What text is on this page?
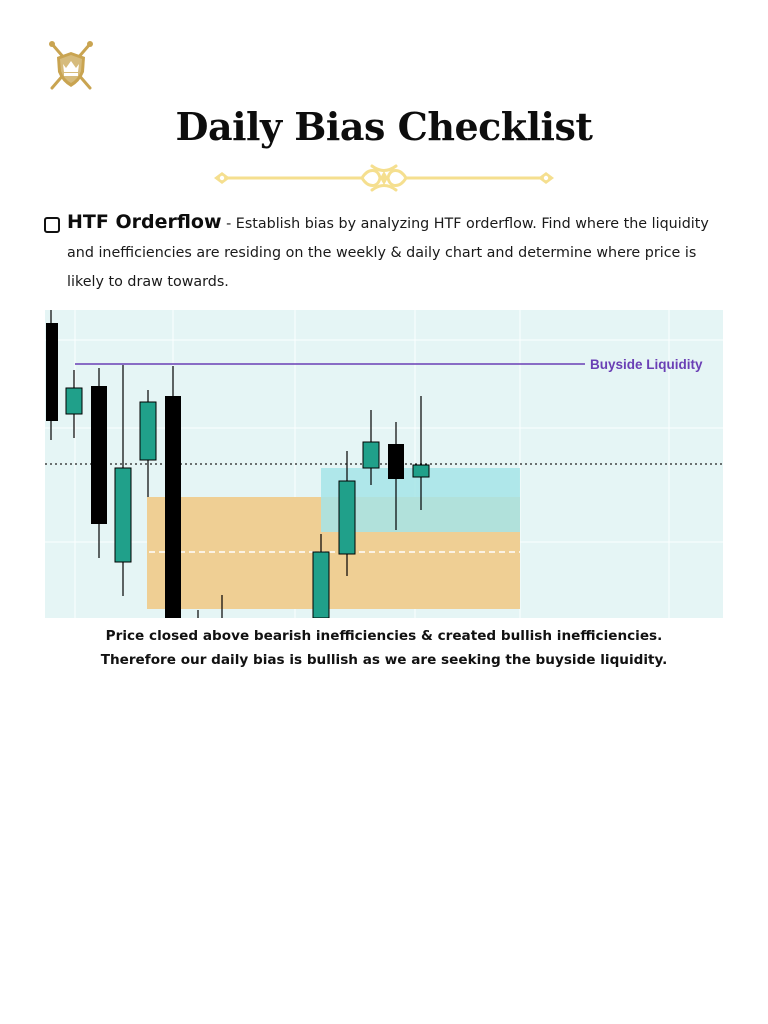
Daily Bias Checklist
HTF Orderflow - Establish bias by analyzing HTF orderflow. Find where the liquidity and inefficiencies are residing on the weekly & daily chart and determine where price is likely to draw towards.
Buyside Liquidity
Price closed above bearish inefficiencies & created bullish inefficiencies.
Therefore our daily bias is bullish as we are seeking the buyside liquidity.
